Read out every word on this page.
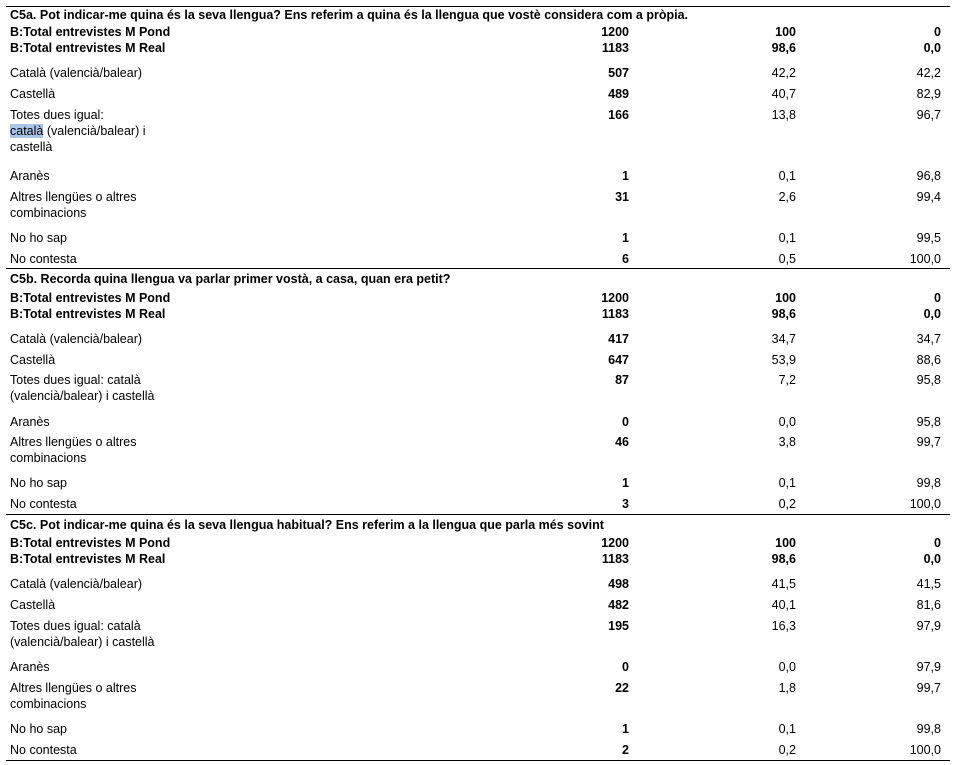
C5a. Pot indicar-me quina és la seva llengua? Ens referim a quina és la llengua que vostè considera com a pròpia.
B:Total entrevistes M Pond	1200	100	0
B:Total entrevistes M Real	1183	98,6	0,0
Català (valencià/balear)	507	42,2	42,2
Castellà	489	40,7	82,9
Totes dues igual:
català (valencià/balear) i
castellà
166	13,8	96,7
Aranès	1	0,1	96,8
Altres llengües o altres
combinacions
31	2,6	99,4
No ho sap	1	0,1	99,5
No contesta	6	0,5	100,0
C5b. Recorda quina llengua va parlar primer vostà, a casa, quan era petit?
B:Total entrevistes M Pond	1200	100	0
B:Total entrevistes M Real	1183	98,6	0,0
Català (valencià/balear)	417	34,7	34,7
Castellà	647	53,9	88,6
Totes dues igual: català
(valencià/balear) i castellà
87	7,2	95,8
Aranès	0	0,0	95,8
Altres llengües o altres
combinacions
46	3,8	99,7
No ho sap	1	0,1	99,8
No contesta	3	0,2	100,0
C5c. Pot indicar-me quina és la seva llengua habitual? Ens referim a la llengua que parla més sovint
B:Total entrevistes M Pond	1200	100	0
B:Total entrevistes M Real	1183	98,6	0,0
Català (valencià/balear)	498	41,5	41,5
Castellà	482	40,1	81,6
Totes dues igual: català
(valencià/balear) i castellà
195	16,3	97,9
Aranès	0	0,0	97,9
Altres llengües o altres
combinacions
22	1,8	99,7
No ho sap	1	0,1	99,8
No contesta	2	0,2	100,0
